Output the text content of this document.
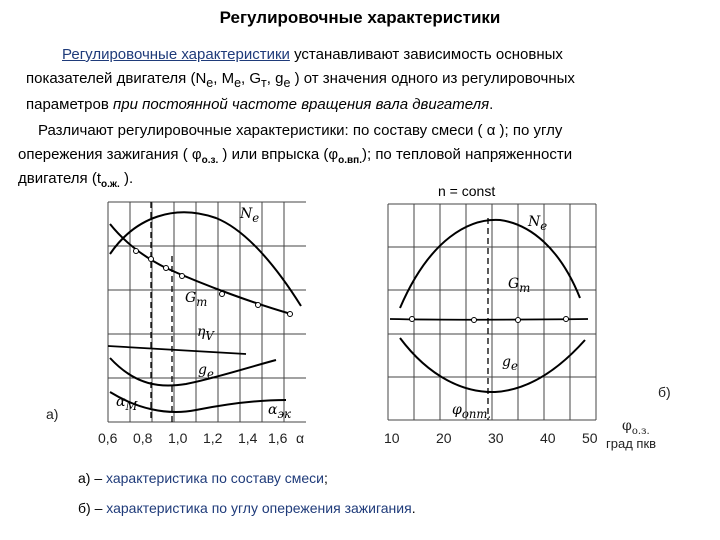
Регулировочные характеристики
Регулировочные характеристики устанавливают зависимость основных
показателей двигателя ($N_e$, $M_e$, $G_т$, $g_e$ ) от значения одного из регулировочных
параметров при постоянной частоте вращения вала двигателя.
Различают регулировочные характеристики: по составу смеси ( α ); по углу
опережения зажигания ( $\varphi_{о.з.}$ ) или впрыска $(\varphi_{о.вп.})$; по тепловой напряженности
двигателя ($t_{о.ж.}$ ).
n = const
$N_e$
$G_т$
$\eta_V$
$g_e$
$\alpha_M$	$\alpha_{эк}$
а)
0,6 0,8 1,0 1,2 1,4 1,6 α
$N_e$
$G_т$
$g_e$
$\varphi_{опт.}$
б)
10	20	30	40 50
$\varphi_{о.з.}$
град пкв
а) – характеристика по составу смеси;
б) – характеристика по углу опережения зажигания.
